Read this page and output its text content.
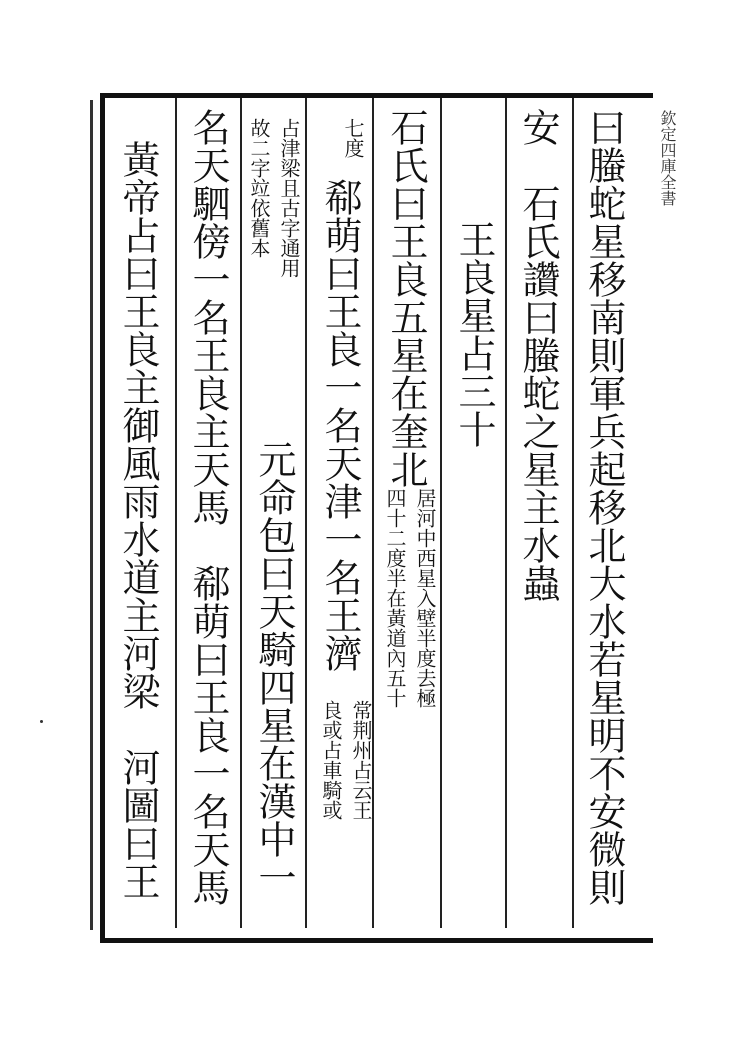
曰螣蛇星移南則軍兵起移北大水若星明不安微則
安　石氏讚曰螣蛇之星主水蟲
王良星占三十
石氏曰王良五星在奎北
居河中西星入壁半度去極
四十二度半在黃道內五十
七度
郗萌曰王良一名天津一名王濟
常荆州占云王
良或占車騎或
占津梁且古字通用
故二字竝依舊本
元命包曰天騎四星在漢中一
名天駟傍一名王良主天馬　郗萌曰王良一名天馬
黃帝占曰王良主御風雨水道主河梁　河圖曰王	欽定四庫全書
